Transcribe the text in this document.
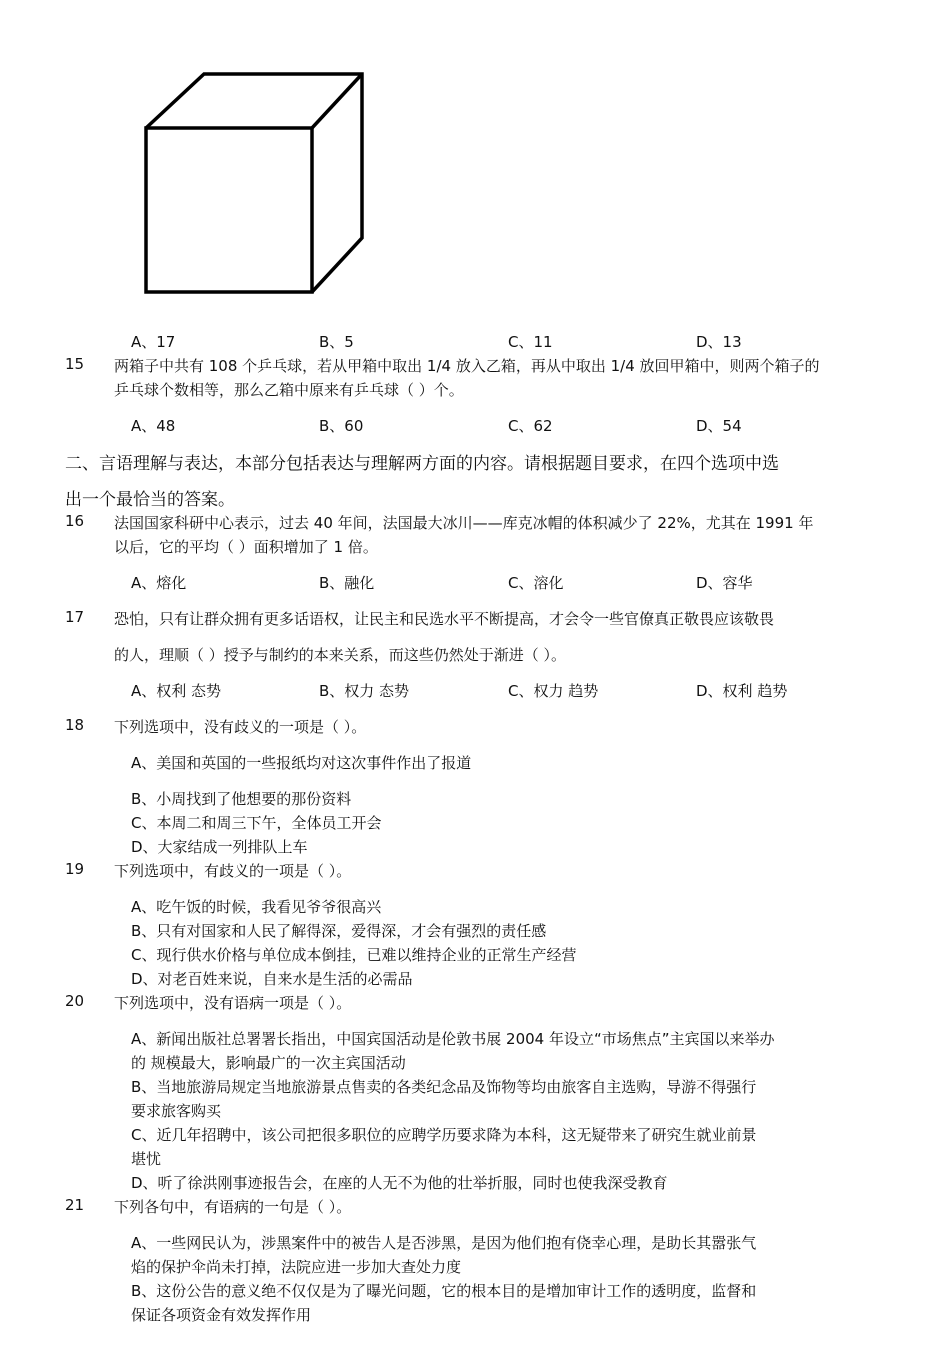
A、17	B、5	C、11	D、13
15 两箱子中共有 108 个乒乓球，若从甲箱中取出 1/4 放入乙箱，再从中取出 1/4 放回甲箱中，则两个箱子的
乒乓球个数相等，那么乙箱中原来有乒乓球（ ）个。
A、48	B、60	C、62	D、54
二、言语理解与表达，本部分包括表达与理解两方面的内容。请根据题目要求，在四个选项中选
出一个最恰当的答案。
16 法国国家科研中心表示，过去 40 年间，法国最大冰川——库克冰帽的体积减少了 22%，尤其在 1991 年
以后，它的平均（ ）面积增加了 1 倍。
A、熔化	B、融化	C、溶化	D、容华
17 恐怕，只有让群众拥有更多话语权，让民主和民选水平不断提高，才会令一些官僚真正敬畏应该敬畏
的人，理顺（ ）授予与制约的本来关系，而这些仍然处于渐进（ ）。
A、权利 态势	B、权力 态势	C、权力 趋势	D、权利 趋势
18 下列选项中，没有歧义的一项是（ ）。
A、美国和英国的一些报纸均对这次事件作出了报道
B、小周找到了他想要的那份资料
C、本周二和周三下午，全体员工开会
D、大家结成一列排队上车
19 下列选项中，有歧义的一项是（ ）。
A、吃午饭的时候，我看见爷爷很高兴
B、只有对国家和人民了解得深，爱得深，才会有强烈的责任感
C、现行供水价格与单位成本倒挂，已难以维持企业的正常生产经营
D、对老百姓来说，自来水是生活的必需品
20 下列选项中，没有语病一项是（ ）。
A、新闻出版社总署署长指出，中国宾国活动是伦敦书展 2004 年设立“市场焦点”主宾国以来举办
的 规模最大，影响最广的一次主宾国活动
B、当地旅游局规定当地旅游景点售卖的各类纪念品及饰物等均由旅客自主选购，导游不得强行
要求旅客购买
C、近几年招聘中，该公司把很多职位的应聘学历要求降为本科，这无疑带来了研究生就业前景
堪忧
D、听了徐洪刚事迹报告会，在座的人无不为他的壮举折服，同时也使我深受教育
21 下列各句中，有语病的一句是（ ）。
A、一些网民认为，涉黑案件中的被告人是否涉黑，是因为他们抱有侥幸心理，是助长其嚣张气
焰的保护伞尚未打掉，法院应进一步加大查处力度
B、这份公告的意义绝不仅仅是为了曝光问题，它的根本目的是增加审计工作的透明度，监督和
保证各项资金有效发挥作用
